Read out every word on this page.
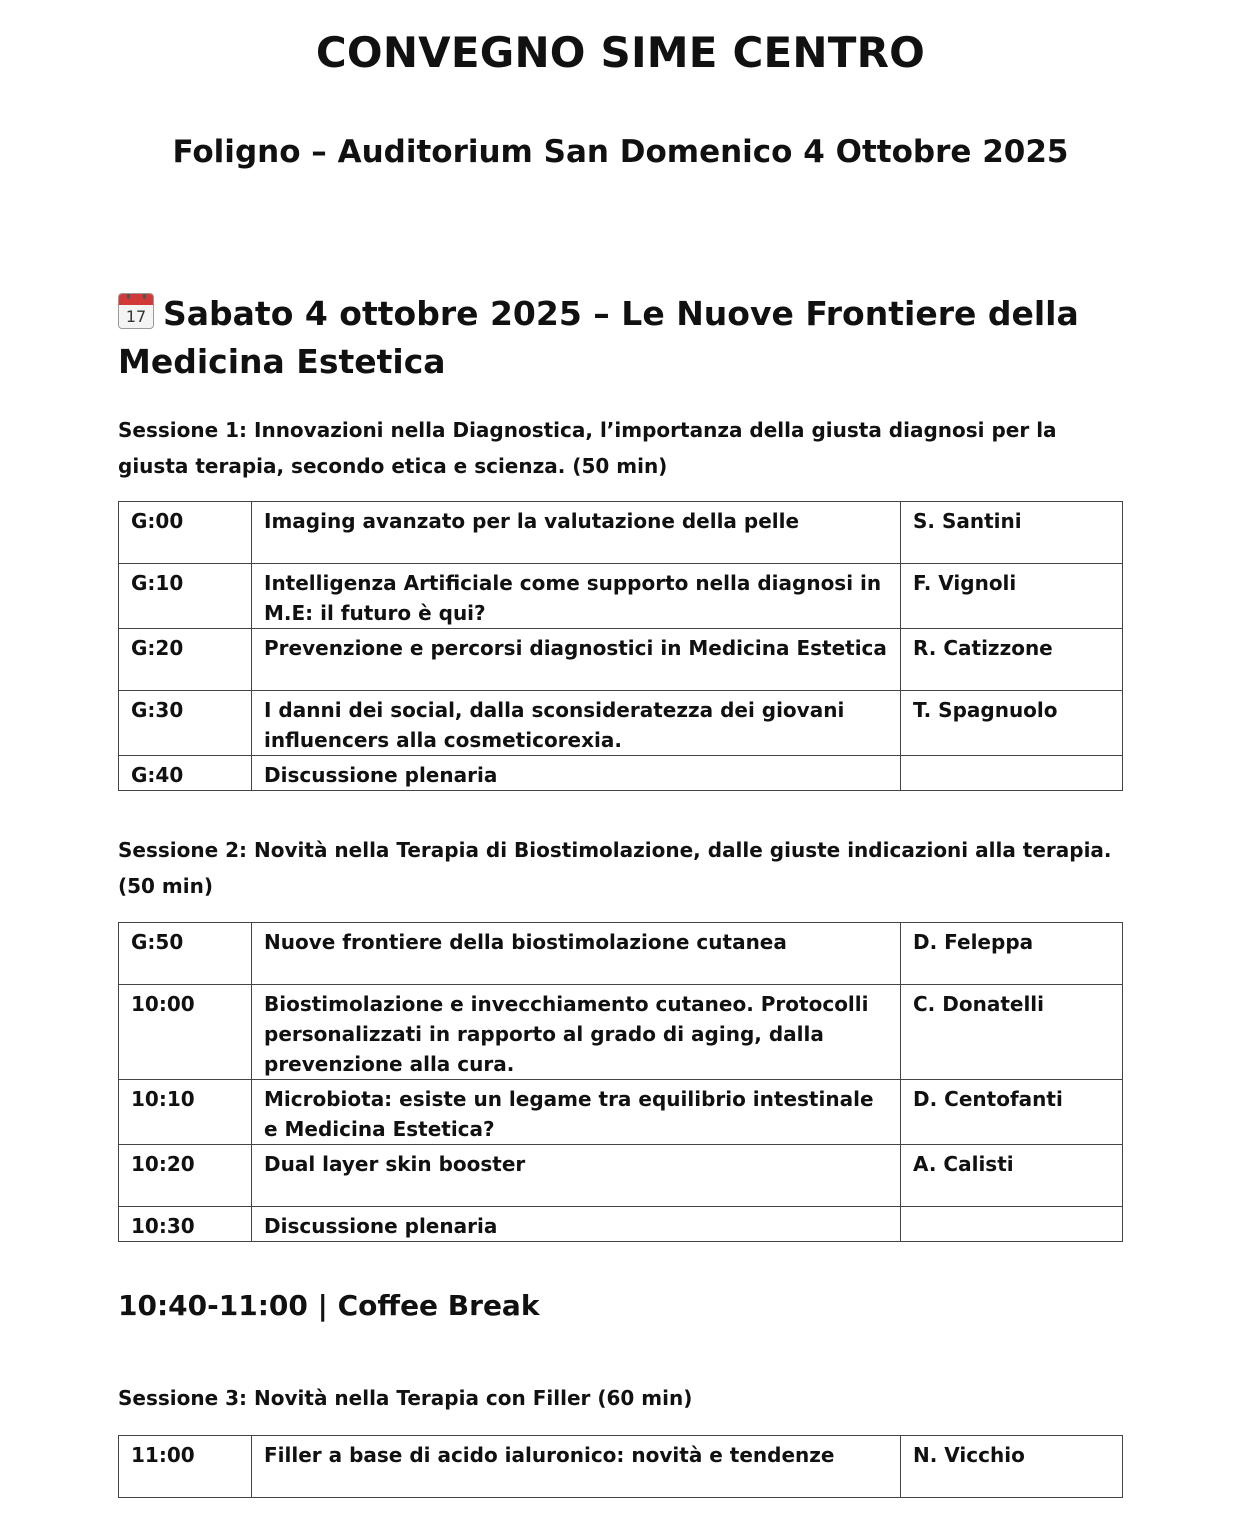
CONVEGNO SIME CENTRO
Foligno – Auditorium San Domenico 4 Ottobre 2025
17 Sabato 4 ottobre 2025 – Le Nuove Frontiere della Medicina Estetica
Sessione 1: Innovazioni nella Diagnostica, l’importanza della giusta diagnosi per la giusta terapia, secondo etica e scienza. (50 min)
G:00	Imaging avanzato per la valutazione della pelle	S. Santini
G:10	Intelligenza Artificiale come supporto nella diagnosi in M.E: il futuro è qui?	F. Vignoli
G:20	Prevenzione e percorsi diagnostici in Medicina Estetica	R. Catizzone
G:30	I danni dei social, dalla sconsideratezza dei giovani influencers alla cosmeticorexia.	T. Spagnuolo
G:40	Discussione plenaria	
Sessione 2: Novità nella Terapia di Biostimolazione, dalle giuste indicazioni alla terapia. (50 min)
G:50	Nuove frontiere della biostimolazione cutanea	D. Feleppa
10:00	Biostimolazione e invecchiamento cutaneo. Protocolli personalizzati in rapporto al grado di aging, dalla prevenzione alla cura.	C. Donatelli
10:10	Microbiota: esiste un legame tra equilibrio intestinale e Medicina Estetica?	D. Centofanti
10:20	Dual layer skin booster	A. Calisti
10:30	Discussione plenaria	
10:40-11:00 | Coffee Break
Sessione 3: Novità nella Terapia con Filler (60 min)
11:00	Filler a base di acido ialuronico: novità e tendenze	N. Vicchio
